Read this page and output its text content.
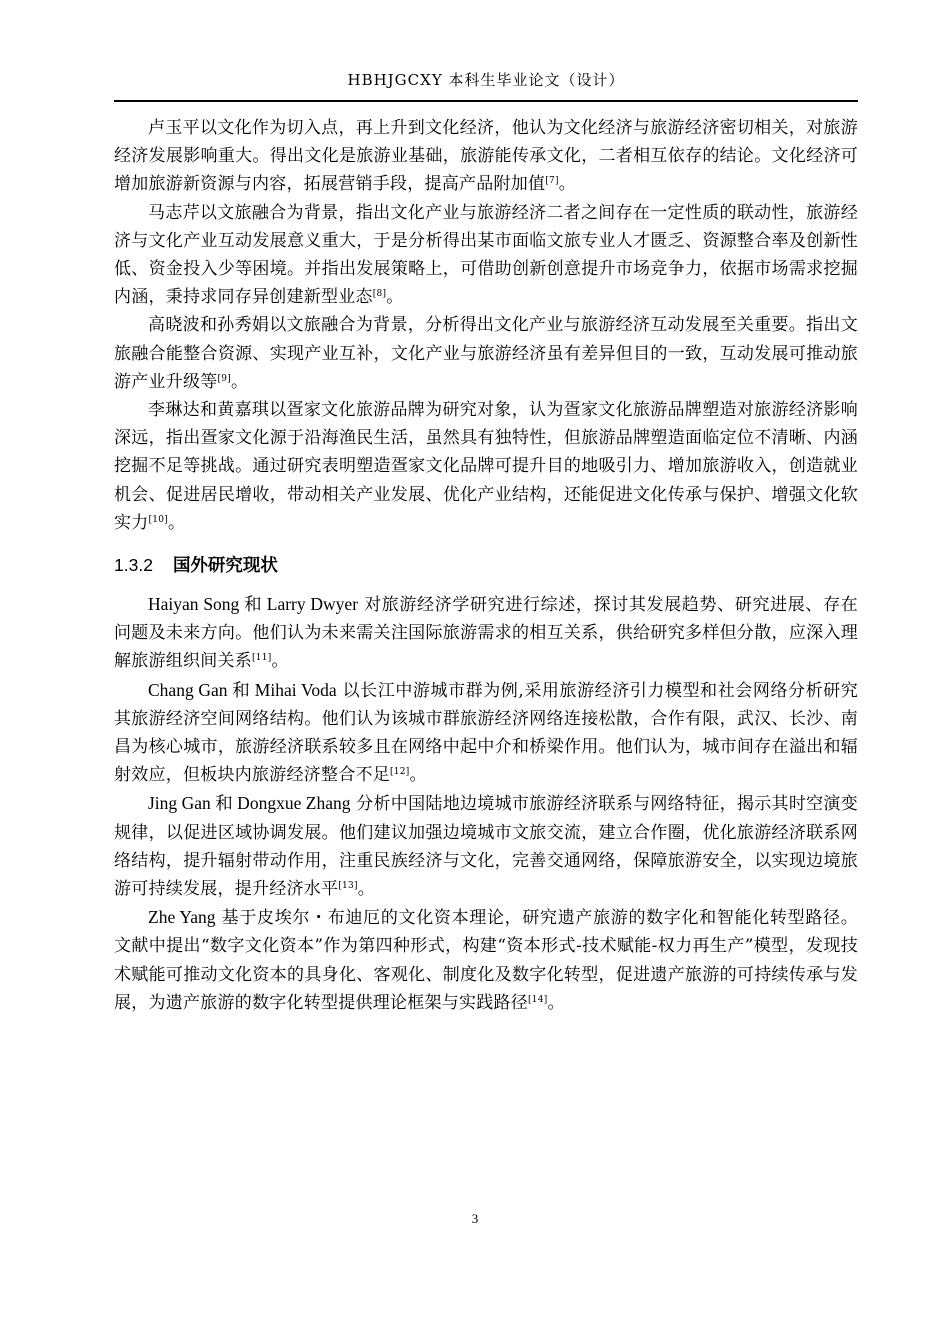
HBHJGCXY 本科生毕业论文（设计）

卢玉平以文化作为切入点，再上升到文化经济，他认为文化经济与旅游经济密切相关，对旅游经济发展影响重大。得出文化是旅游业基础，旅游能传承文化，二者相互依存的结论。文化经济可增加旅游新资源与内容，拓展营销手段，提高产品附加值[7]。

马志芹以文旅融合为背景，指出文化产业与旅游经济二者之间存在一定性质的联动性，旅游经济与文化产业互动发展意义重大，于是分析得出某市面临文旅专业人才匮乏、资源整合率及创新性低、资金投入少等困境。并指出发展策略上，可借助创新创意提升市场竞争力，依据市场需求挖掘内涵，秉持求同存异创建新型业态[8]。

高晓波和孙秀娟以文旅融合为背景，分析得出文化产业与旅游经济互动发展至关重要。指出文旅融合能整合资源、实现产业互补，文化产业与旅游经济虽有差异但目的一致，互动发展可推动旅游产业升级等[9]。

李琳达和黄嘉琪以疍家文化旅游品牌为研究对象，认为疍家文化旅游品牌塑造对旅游经济影响深远，指出疍家文化源于沿海渔民生活，虽然具有独特性，但旅游品牌塑造面临定位不清晰、内涵挖掘不足等挑战。通过研究表明塑造疍家文化品牌可提升目的地吸引力、增加旅游收入，创造就业机会、促进居民增收，带动相关产业发展、优化产业结构，还能促进文化传承与保护、增强文化软实力[10]。

1.3.2 国外研究现状

Haiyan Song 和 Larry Dwyer 对旅游经济学研究进行综述，探讨其发展趋势、研究进展、存在问题及未来方向。他们认为未来需关注国际旅游需求的相互关系，供给研究多样但分散，应深入理解旅游组织间关系[11]。

Chang Gan 和 Mihai Voda 以长江中游城市群为例,采用旅游经济引力模型和社会网络分析研究其旅游经济空间网络结构。他们认为该城市群旅游经济网络连接松散，合作有限，武汉、长沙、南昌为核心城市，旅游经济联系较多且在网络中起中介和桥梁作用。他们认为，城市间存在溢出和辐射效应，但板块内旅游经济整合不足[12]。

Jing Gan 和 Dongxue Zhang 分析中国陆地边境城市旅游经济联系与网络特征，揭示其时空演变规律，以促进区域协调发展。他们建议加强边境城市文旅交流，建立合作圈，优化旅游经济联系网络结构，提升辐射带动作用，注重民族经济与文化，完善交通网络，保障旅游安全，以实现边境旅游可持续发展，提升经济水平[13]。

Zhe Yang 基于皮埃尔・布迪厄的文化资本理论，研究遗产旅游的数字化和智能化转型路径。文献中提出“数字文化资本”作为第四种形式，构建“资本形式-技术赋能-权力再生产”模型，发现技术赋能可推动文化资本的具身化、客观化、制度化及数字化转型，促进遗产旅游的可持续传承与发展，为遗产旅游的数字化转型提供理论框架与实践路径[14]。

3
